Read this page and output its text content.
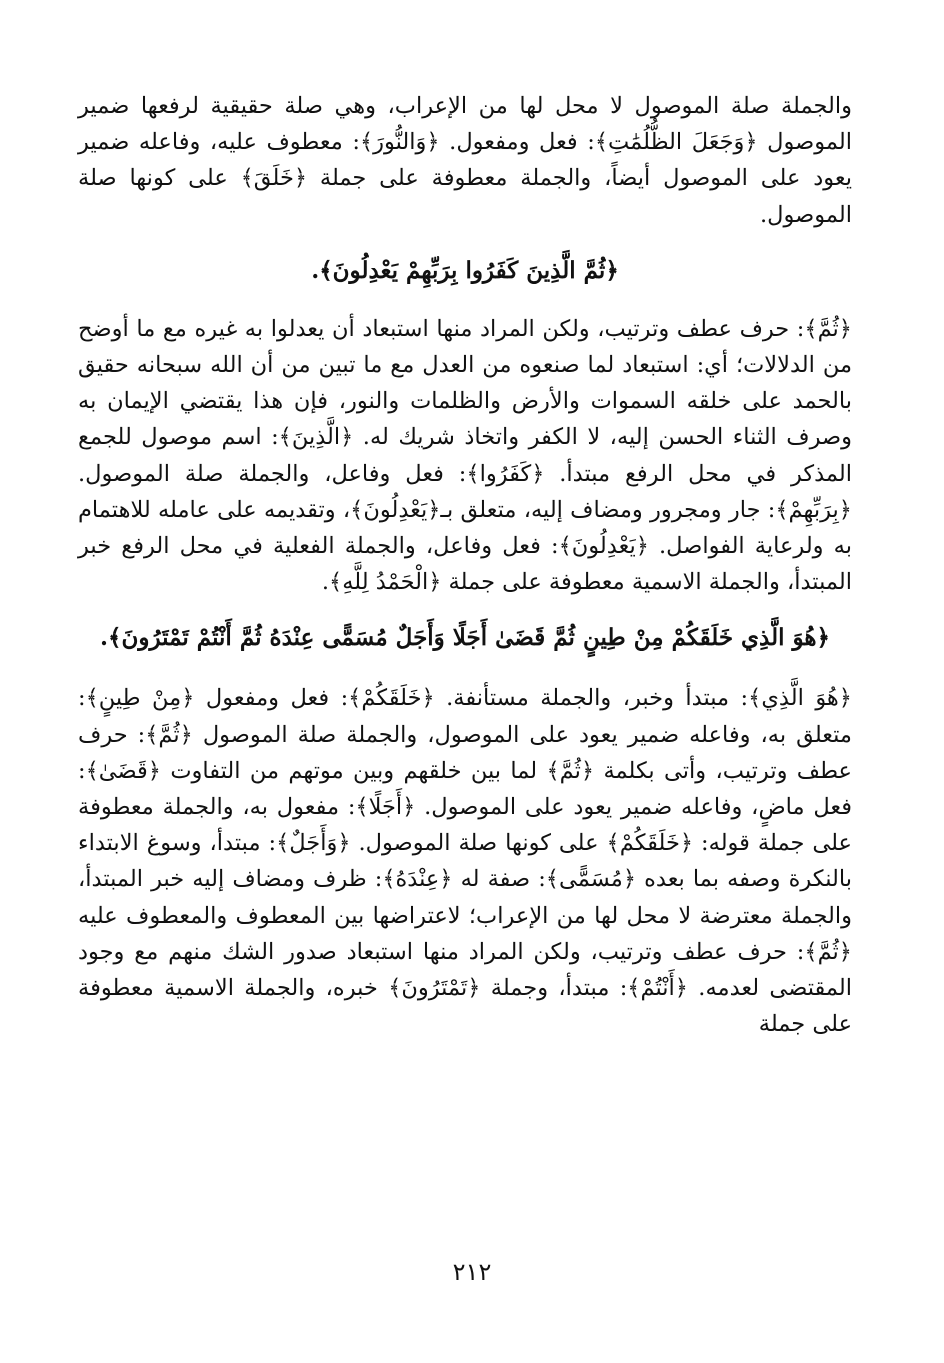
والجملة صلة الموصول لا محل لها من الإعراب، وهي صلة حقيقية لرفعها ضمير الموصول ﴿وَجَعَلَ الظُّلُمَٰتِ﴾: فعل ومفعول. ﴿وَالنُّورَ﴾: معطوف عليه، وفاعله ضمير يعود على الموصول أيضاً، والجملة معطوفة على جملة ﴿خَلَقَ﴾ على كونها صلة الموصول.

﴿ثُمَّ الَّذِينَ كَفَرُوا بِرَبِّهِمْ يَعْدِلُونَ﴾.

﴿ثُمَّ﴾: حرف عطف وترتيب، ولكن المراد منها استبعاد أن يعدلوا به غيره مع ما أوضح من الدلالات؛ أي: استبعاد لما صنعوه من العدل مع ما تبين من أن الله سبحانه حقيق بالحمد على خلقه السموات والأرض والظلمات والنور، فإن هذا يقتضي الإيمان به وصرف الثناء الحسن إليه، لا الكفر واتخاذ شريك له. ﴿الَّذِينَ﴾: اسم موصول للجمع المذكر في محل الرفع مبتدأ. ﴿كَفَرُوا﴾: فعل وفاعل، والجملة صلة الموصول. ﴿بِرَبِّهِمْ﴾: جار ومجرور ومضاف إليه، متعلق بـ﴿يَعْدِلُونَ﴾، وتقديمه على عامله للاهتمام به ولرعاية الفواصل. ﴿يَعْدِلُونَ﴾: فعل وفاعل، والجملة الفعلية في محل الرفع خبر المبتدأ، والجملة الاسمية معطوفة على جملة ﴿الْحَمْدُ لِلَّهِ﴾.

﴿هُوَ الَّذِي خَلَقَكُمْ مِنْ طِينٍ ثُمَّ قَضَىٰ أَجَلًا وَأَجَلٌ مُسَمًّى عِنْدَهُ ثُمَّ أَنْتُمْ تَمْتَرُونَ﴾.

﴿هُوَ الَّذِي﴾: مبتدأ وخبر، والجملة مستأنفة. ﴿خَلَقَكُمْ﴾: فعل ومفعول ﴿مِنْ طِينٍ﴾: متعلق به، وفاعله ضمير يعود على الموصول، والجملة صلة الموصول ﴿ثُمَّ﴾: حرف عطف وترتيب، وأتى بكلمة ﴿ثُمَّ﴾ لما بين خلقهم وبين موتهم من التفاوت ﴿قَضَىٰ﴾: فعل ماضٍ، وفاعله ضمير يعود على الموصول. ﴿أَجَلًا﴾: مفعول به، والجملة معطوفة على جملة قوله: ﴿خَلَقَكُمْ﴾ على كونها صلة الموصول. ﴿وَأَجَلٌ﴾: مبتدأ، وسوغ الابتداء بالنكرة وصفه بما بعده ﴿مُسَمًّى﴾: صفة له ﴿عِنْدَهُ﴾: ظرف ومضاف إليه خبر المبتدأ، والجملة معترضة لا محل لها من الإعراب؛ لاعتراضها بين المعطوف والمعطوف عليه ﴿ثُمَّ﴾: حرف عطف وترتيب، ولكن المراد منها استبعاد صدور الشك منهم مع وجود المقتضى لعدمه. ﴿أَنْتُمْ﴾: مبتدأ، وجملة ﴿تَمْتَرُونَ﴾ خبره، والجملة الاسمية معطوفة على جملة

٢١٢
